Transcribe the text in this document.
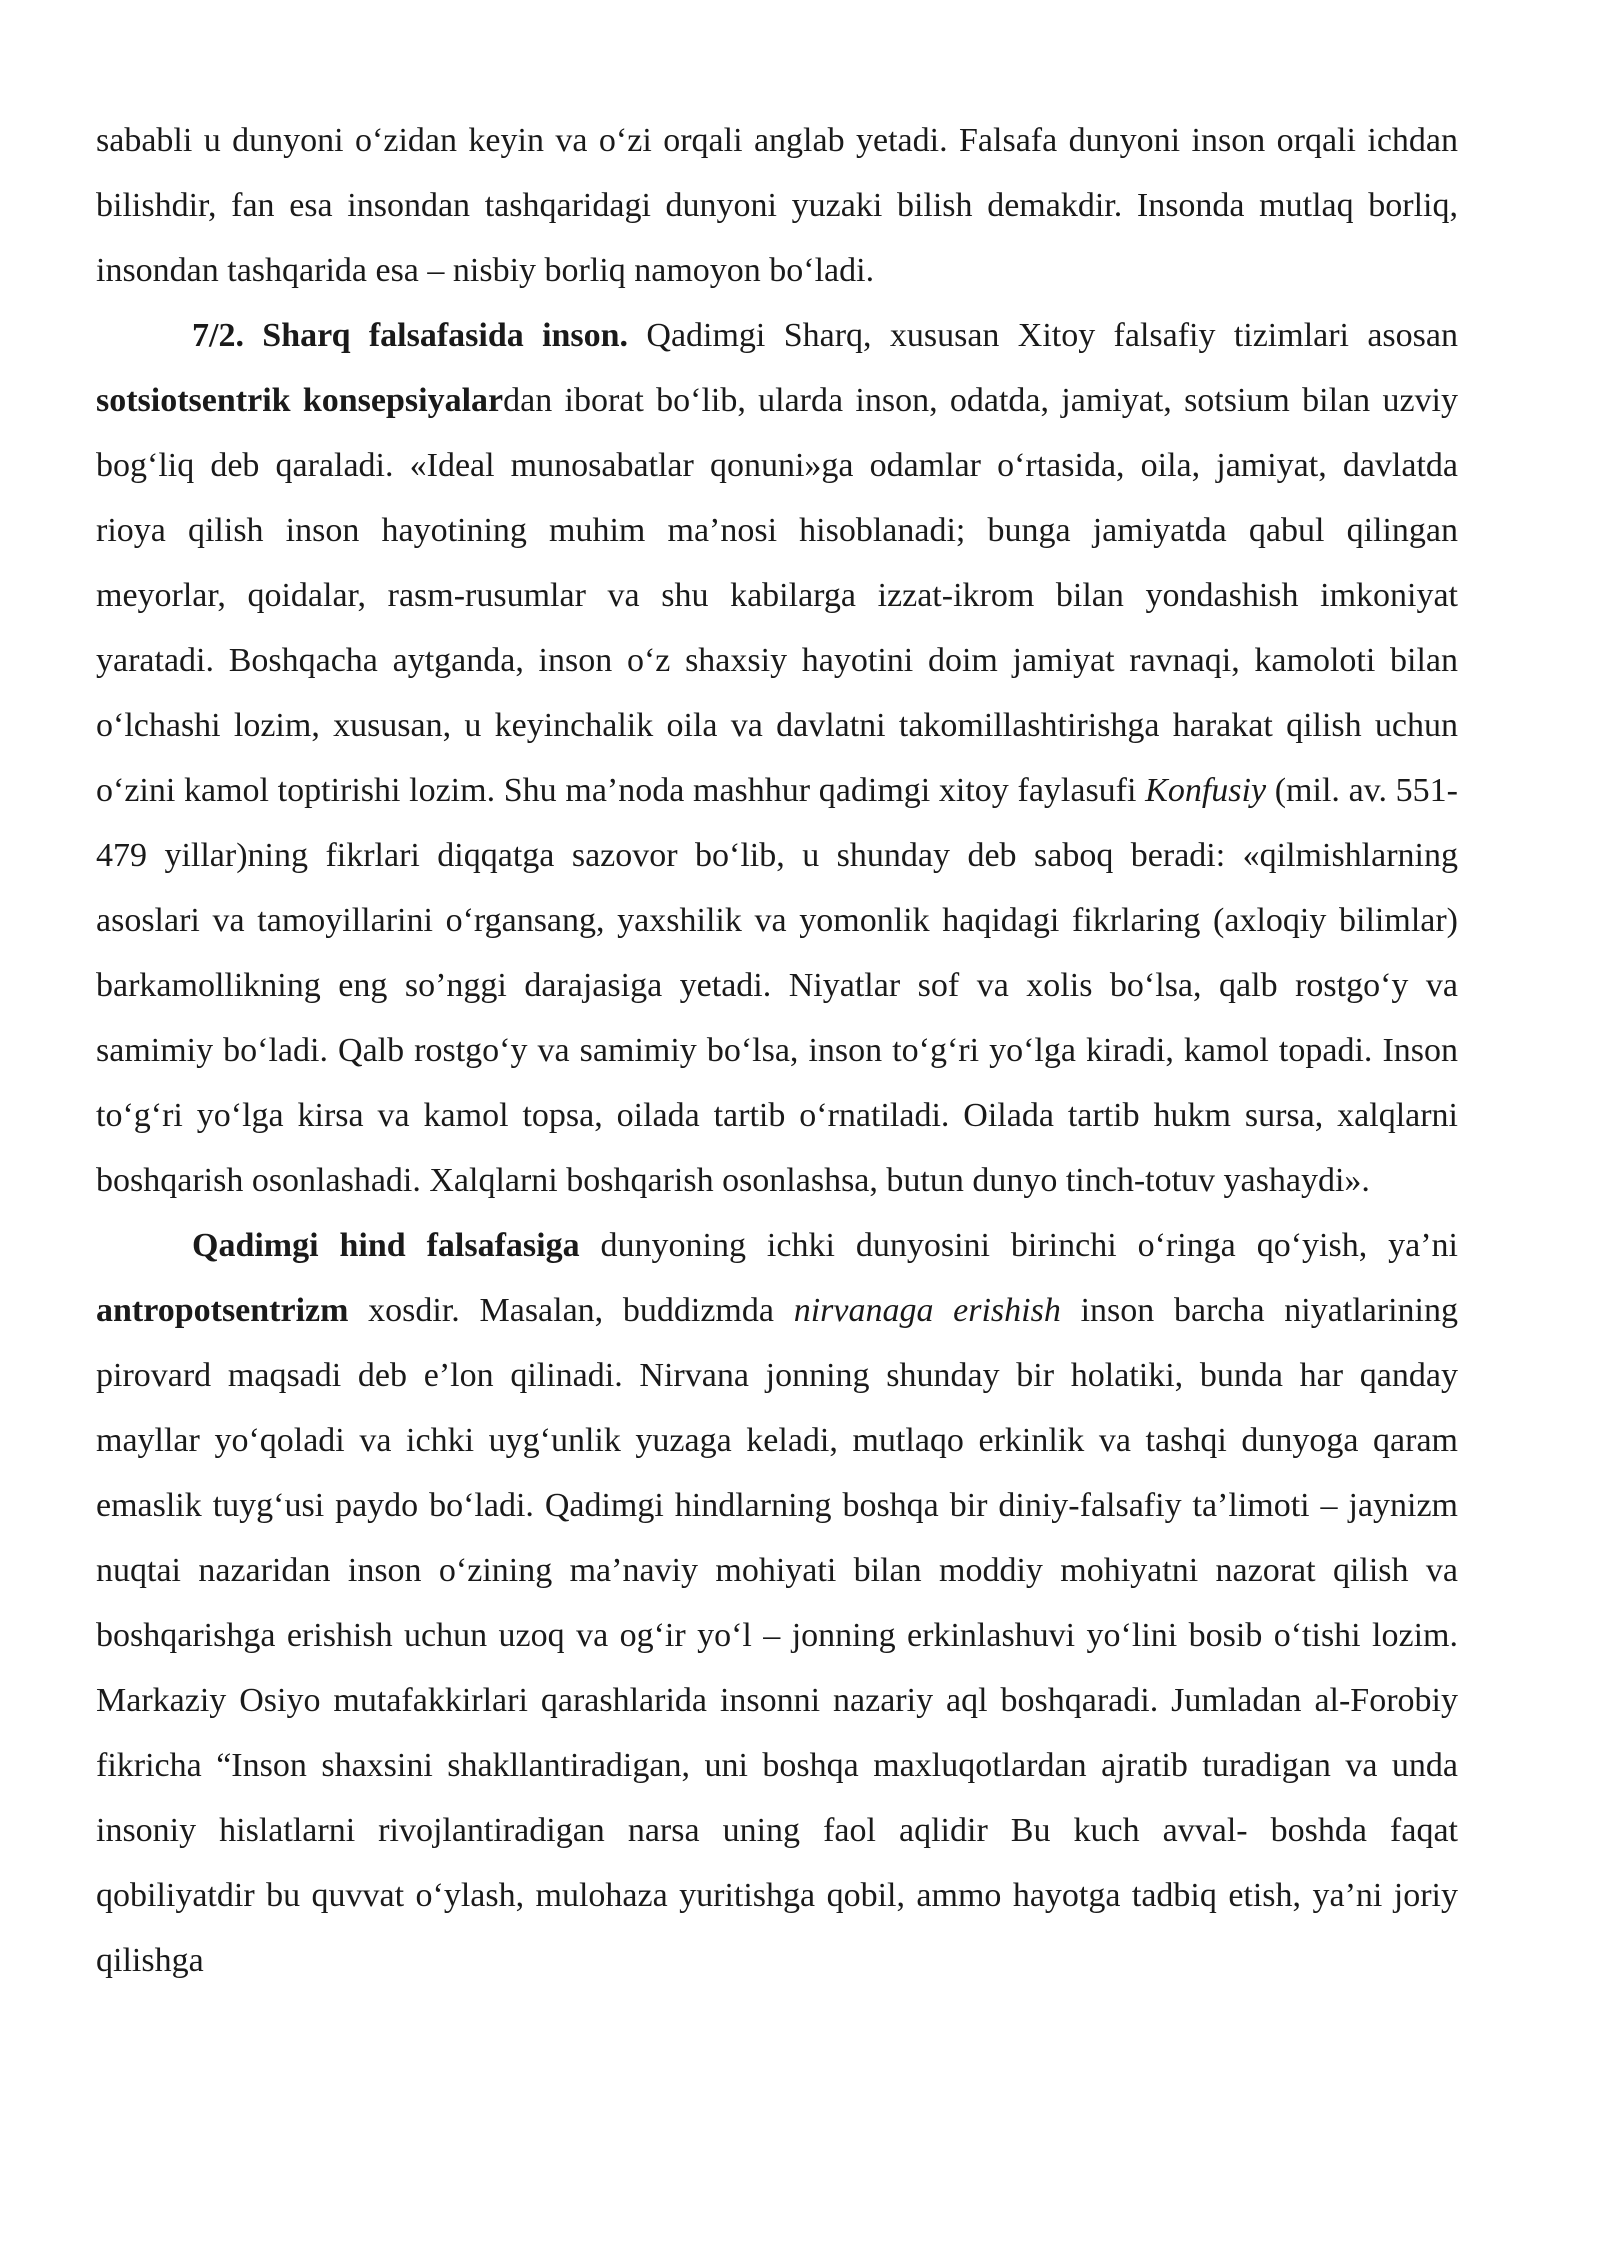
sababli u dunyoni o‘zidan keyin va o‘zi orqali anglab yetadi. Falsafa dunyoni inson orqali ichdan bilishdir, fan esa insondan tashqaridagi dunyoni yuzaki bilish demakdir. Insonda mutlaq borliq, insondan tashqarida esa – nisbiy borliq namoyon bo‘ladi.

7/2. Sharq falsafasida inson. Qadimgi Sharq, xususan Xitoy falsafiy tizimlari asosan sotsiotsentrik konsepsiyalardan iborat bo‘lib, ularda inson, odatda, jamiyat, sotsium bilan uzviy bog‘liq deb qaraladi. «Ideal munosabatlar qonuni»ga odamlar o‘rtasida, oila, jamiyat, davlatda rioya qilish inson hayotining muhim ma’nosi hisoblanadi; bunga jamiyatda qabul qilingan meyorlar, qoidalar, rasm-rusumlar va shu kabilarga izzat-ikrom bilan yondashish imkoniyat yaratadi. Boshqacha aytganda, inson o‘z shaxsiy hayotini doim jamiyat ravnaqi, kamoloti bilan o‘lchashi lozim, xususan, u keyinchalik oila va davlatni takomillashtirishga harakat qilish uchun o‘zini kamol toptirishi lozim. Shu ma’noda mashhur qadimgi xitoy faylasufi Konfusiy (mil. av. 551-479 yillar)ning fikrlari diqqatga sazovor bo‘lib, u shunday deb saboq beradi: «qilmishlarning asoslari va tamoyillarini o‘rgansang, yaxshilik va yomonlik haqidagi fikrlaring (axloqiy bilimlar) barkamollikning eng so’nggi darajasiga yetadi. Niyatlar sof va xolis bo‘lsa, qalb rostgo‘y va samimiy bo‘ladi. Qalb rostgo‘y va samimiy bo‘lsa, inson to‘g‘ri yo‘lga kiradi, kamol topadi. Inson to‘g‘ri yo‘lga kirsa va kamol topsa, oilada tartib o‘rnatiladi. Oilada tartib hukm sursa, xalqlarni boshqarish osonlashadi. Xalqlarni boshqarish osonlashsa, butun dunyo tinch-totuv yashaydi».

Qadimgi hind falsafasiga dunyoning ichki dunyosini birinchi o‘ringa qo‘yish, ya’ni antropotsentrizm xosdir. Masalan, buddizmda nirvanaga erishish inson barcha niyatlarining pirovard maqsadi deb e’lon qilinadi. Nirvana jonning shunday bir holatiki, bunda har qanday mayllar yo‘qoladi va ichki uyg‘unlik yuzaga keladi, mutlaqo erkinlik va tashqi dunyoga qaram emaslik tuyg‘usi paydo bo‘ladi. Qadimgi hindlarning boshqa bir diniy-falsafiy ta’limoti – jaynizm nuqtai nazaridan inson o‘zining ma’naviy mohiyati bilan moddiy mohiyatni nazorat qilish va boshqarishga erishish uchun uzoq va og‘ir yo‘l – jonning erkinlashuvi yo‘lini bosib o‘tishi lozim. Markaziy Osiyo mutafakkirlari qarashlarida insonni nazariy aql boshqaradi. Jumladan al-Forobiy fikricha “Inson shaxsini shakllantiradigan, uni boshqa maxluqotlardan ajratib turadigan va unda insoniy hislatlarni rivojlantiradigan narsa uning faol aqlidir Bu kuch avval- boshda faqat qobiliyatdir bu quvvat o‘ylash, mulohaza yuritishga qobil, ammo hayotga tadbiq etish, ya’ni joriy qilishga
